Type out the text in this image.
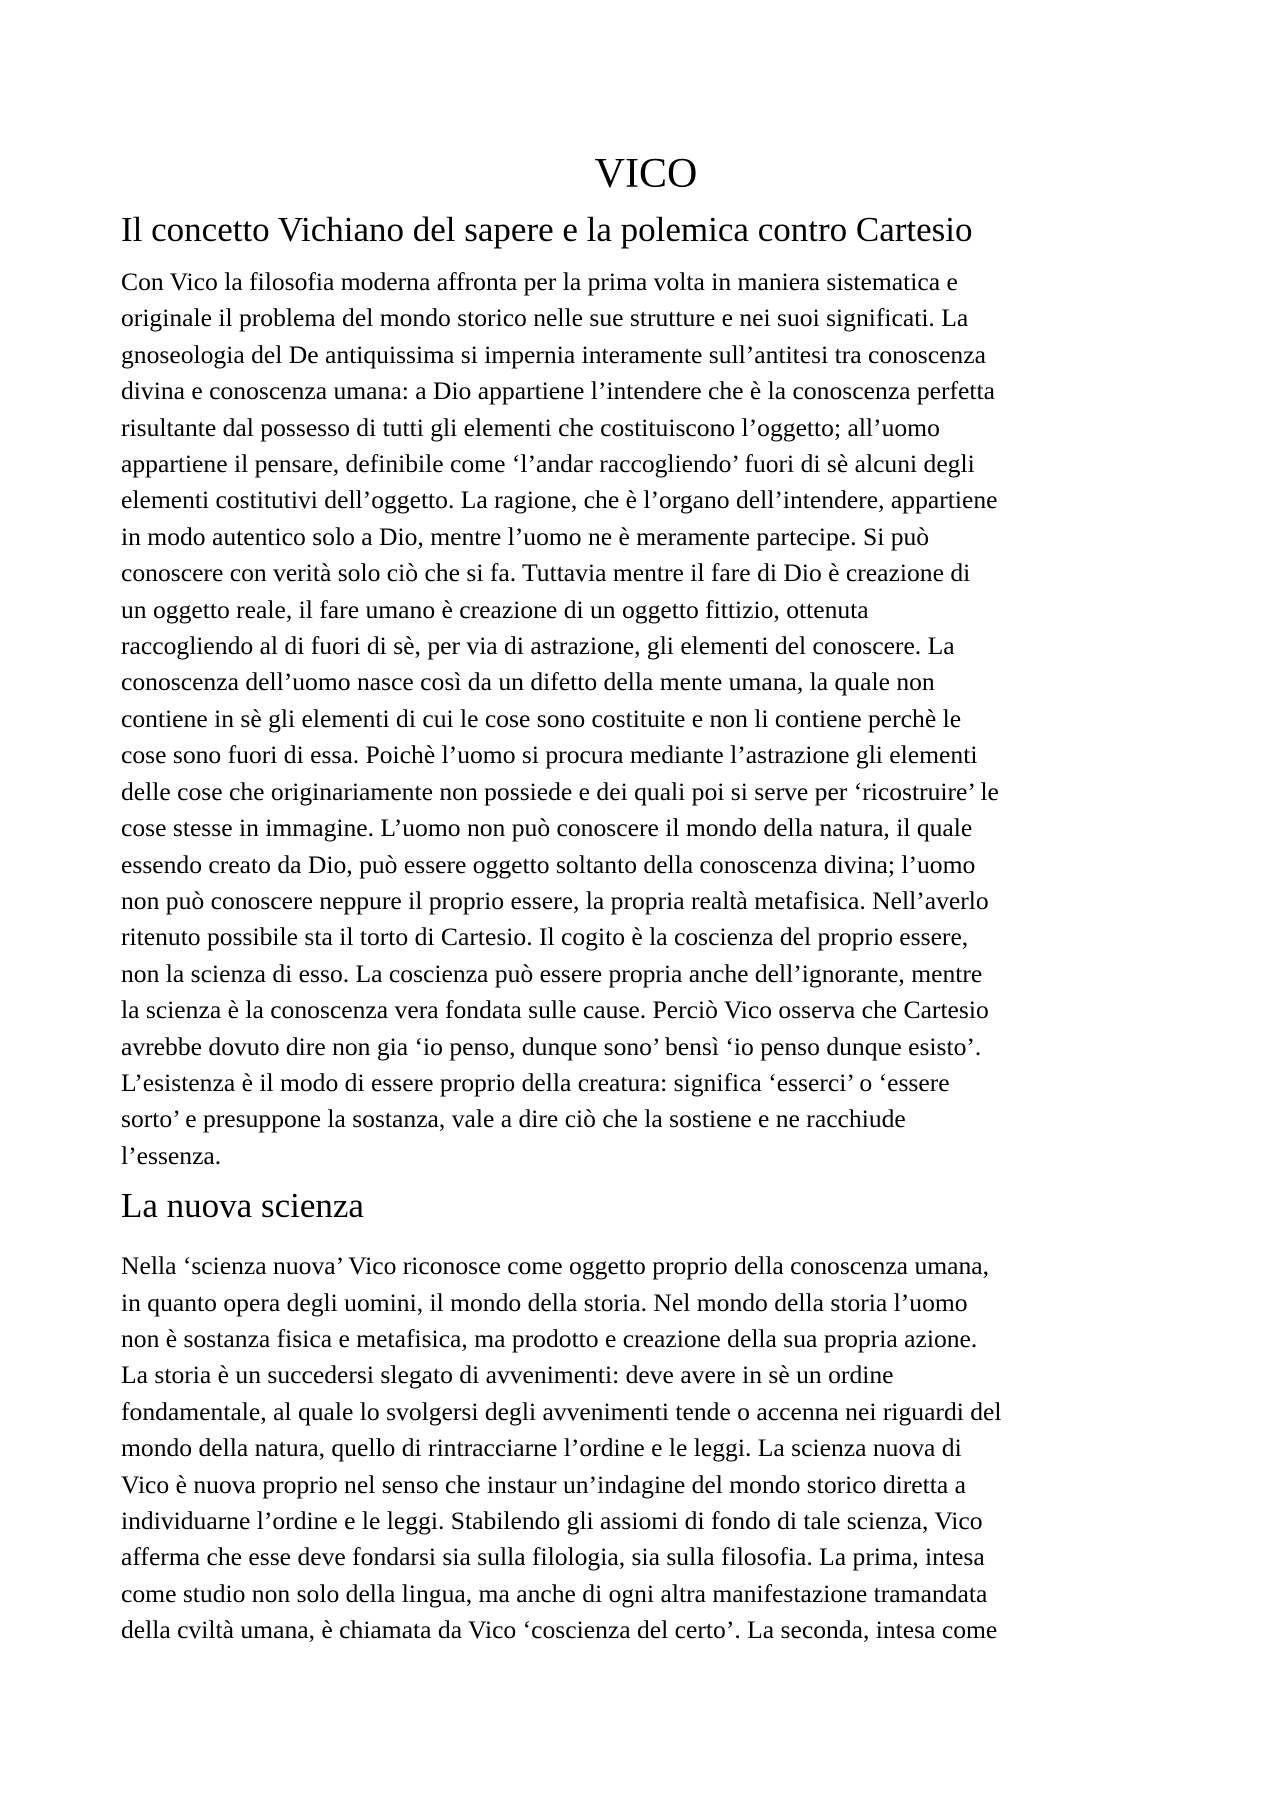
VICO
Il concetto Vichiano del sapere e la polemica contro Cartesio

Con Vico la filosofia moderna affronta per la prima volta in maniera sistematica e
originale il problema del mondo storico nelle sue strutture e nei suoi significati. La
gnoseologia del De antiquissima si impernia interamente sull’antitesi tra conoscenza
divina e conoscenza umana: a Dio appartiene l’intendere che è la conoscenza perfetta
risultante dal possesso di tutti gli elementi che costituiscono l’oggetto; all’uomo
appartiene il pensare, definibile come ‘l’andar raccogliendo’ fuori di sè alcuni degli
elementi costitutivi dell’oggetto. La ragione, che è l’organo dell’intendere, appartiene
in modo autentico solo a Dio, mentre l’uomo ne è meramente partecipe. Si può
conoscere con verità solo ciò che si fa. Tuttavia mentre il fare di Dio è creazione di
un oggetto reale, il fare umano è creazione di un oggetto fittizio, ottenuta
raccogliendo al di fuori di sè, per via di astrazione, gli elementi del conoscere. La
conoscenza dell’uomo nasce così da un difetto della mente umana, la quale non
contiene in sè gli elementi di cui le cose sono costituite e non li contiene perchè le
cose sono fuori di essa. Poichè l’uomo si procura mediante l’astrazione gli elementi
delle cose che originariamente non possiede e dei quali poi si serve per ‘ricostruire’ le
cose stesse in immagine. L’uomo non può conoscere il mondo della natura, il quale
essendo creato da Dio, può essere oggetto soltanto della conoscenza divina; l’uomo
non può conoscere neppure il proprio essere, la propria realtà metafisica. Nell’averlo
ritenuto possibile sta il torto di Cartesio. Il cogito è la coscienza del proprio essere,
non la scienza di esso. La coscienza può essere propria anche dell’ignorante, mentre
la scienza è la conoscenza vera fondata sulle cause. Perciò Vico osserva che Cartesio
avrebbe dovuto dire non gia ‘io penso, dunque sono’ bensì ‘io penso dunque esisto’.
L’esistenza è il modo di essere proprio della creatura: significa ‘esserci’ o ‘essere
sorto’ e presuppone la sostanza, vale a dire ciò che la sostiene e ne racchiude
l’essenza.

La nuova scienza

Nella ‘scienza nuova’ Vico riconosce come oggetto proprio della conoscenza umana,
in quanto opera degli uomini, il mondo della storia. Nel mondo della storia l’uomo
non è sostanza fisica e metafisica, ma prodotto e creazione della sua propria azione.
La storia è un succedersi slegato di avvenimenti: deve avere in sè un ordine
fondamentale, al quale lo svolgersi degli avvenimenti tende o accenna nei riguardi del
mondo della natura, quello di rintracciarne l’ordine e le leggi. La scienza nuova di
Vico è nuova proprio nel senso che instaur un’indagine del mondo storico diretta a
individuarne l’ordine e le leggi. Stabilendo gli assiomi di fondo di tale scienza, Vico
afferma che esse deve fondarsi sia sulla filologia, sia sulla filosofia. La prima, intesa
come studio non solo della lingua, ma anche di ogni altra manifestazione tramandata
della cviltà umana, è chiamata da Vico ‘coscienza del certo’. La seconda, intesa come
